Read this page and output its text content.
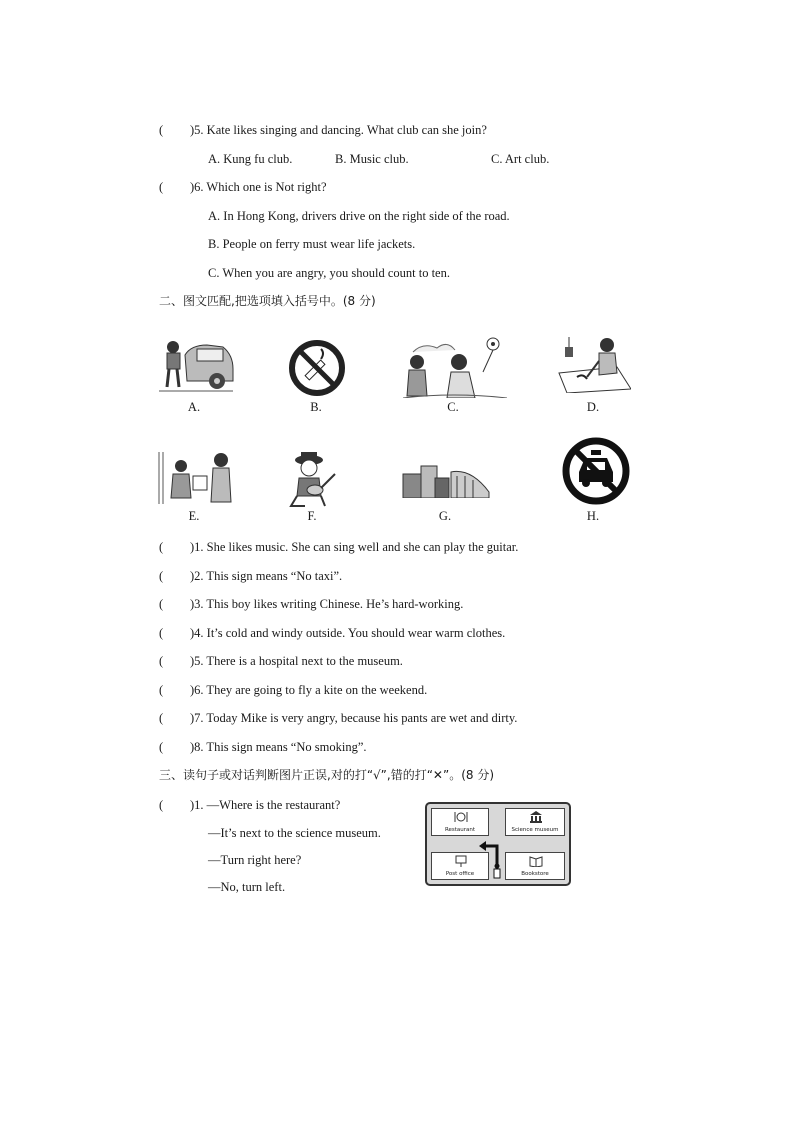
( )5. Kate likes singing and dancing. What club can she join?
A. Kung fu club.	B. Music club.	C. Art club.
( )6. Which one is Not right?
A. In Hong Kong, drivers drive on the right side of the road.
B. People on ferry must wear life jackets.
C. When you are angry, you should count to ten.
二、图文匹配,把选项填入括号中。(8 分)
A.	B.	C.	D.
E.	F.	G.	H.
( )1. She likes music. She can sing well and she can play the guitar.
( )2. This sign means “No taxi”.
( )3. This boy likes writing Chinese. He’s hard-working.
( )4. It’s cold and windy outside. You should wear warm clothes.
( )5. There is a hospital next to the museum.
( )6. They are going to fly a kite on the weekend.
( )7. Today Mike is very angry, because his pants are wet and dirty.
( )8. This sign means “No smoking”.
三、读句子或对话判断图片正误,对的打“√”,错的打“✕”。(8 分)
( )1. —Where is the restaurant?
—It’s next to the science museum.
—Turn right here?
—No, turn left.
Restaurant	Science museum
Post office	Bookstore
